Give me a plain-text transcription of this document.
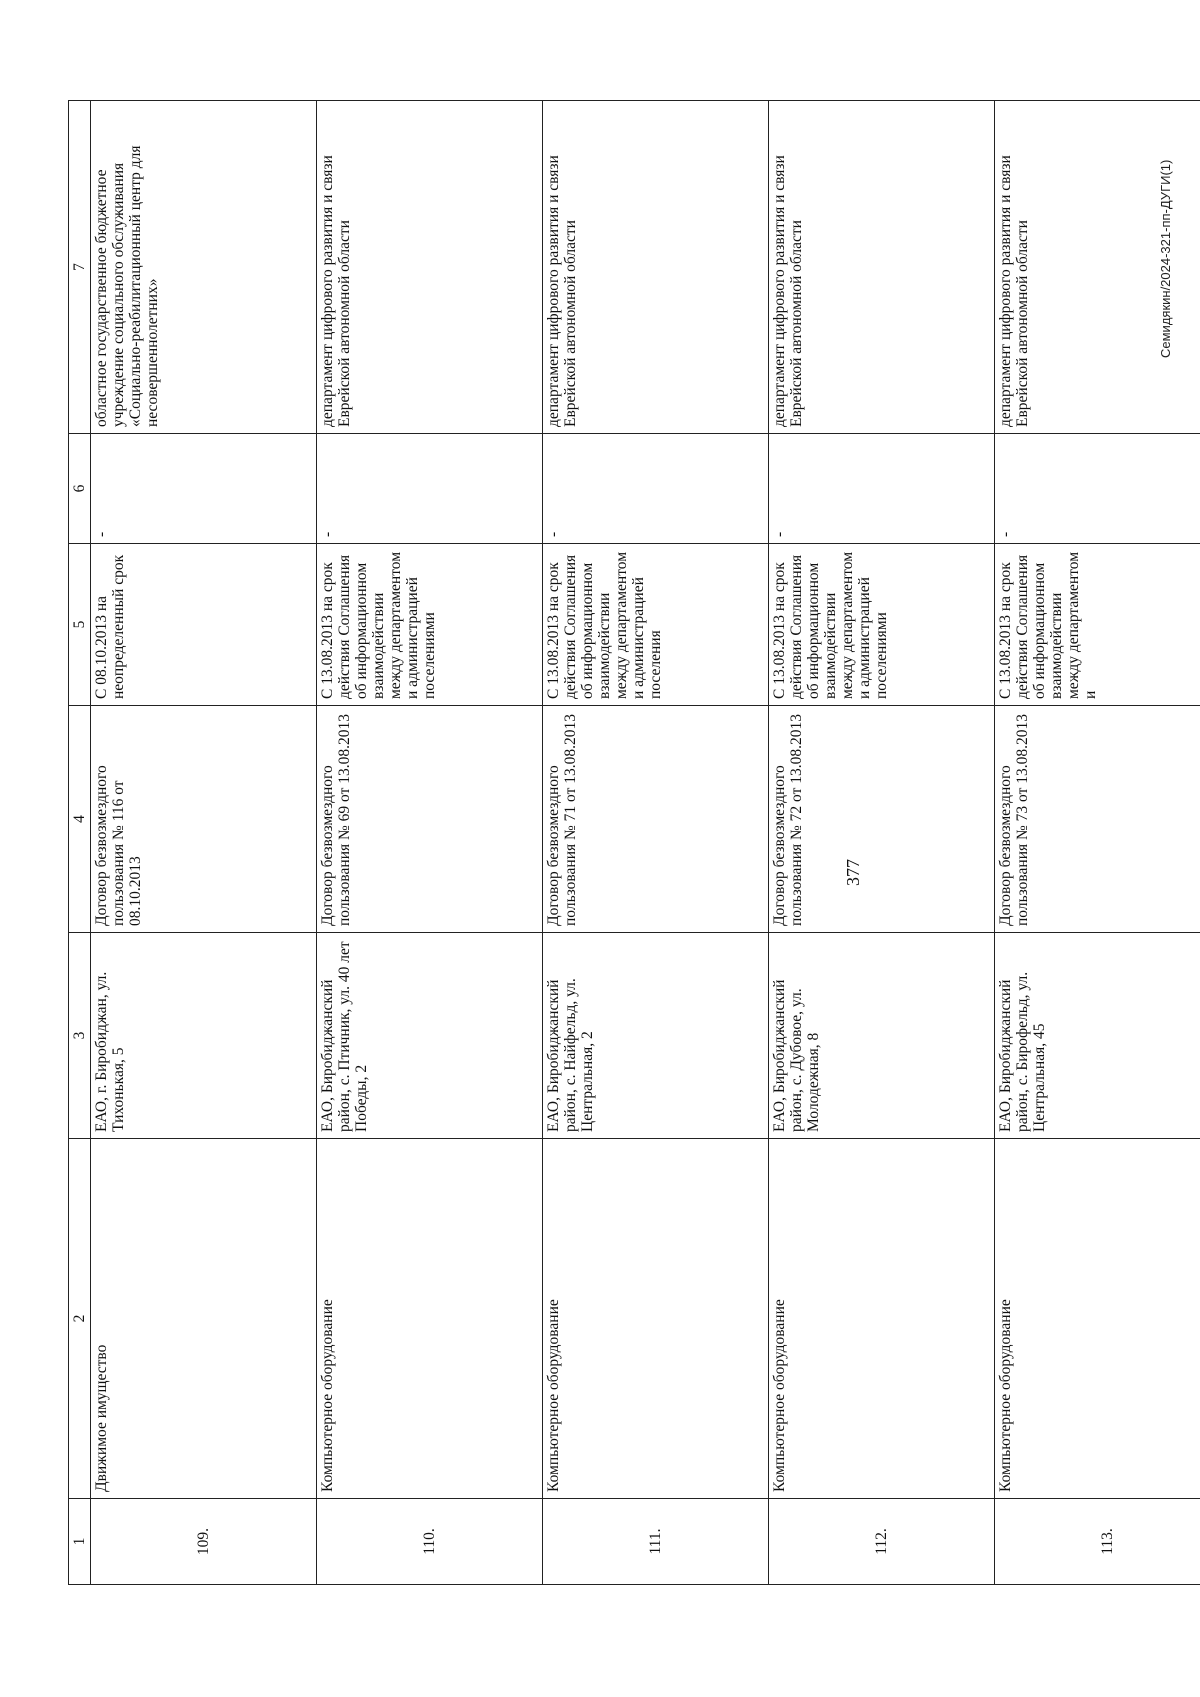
377
Семидякин/2024-321-пп-ДУГИ(1)
1	2	3	4	5	6	7
109.	Движимое имущество	ЕАО, г. Биробиджан, ул. Тихонькая, 5	Договор безвозмездного пользования № 116 от 08.10.2013	С 08.10.2013 на неопределенный срок	-	областное государственное бюджетное учреждение социального обслуживания «Социально-реабилитационный центр для несовершеннолетних»
110.	Компьютерное оборудование	ЕАО, Биробиджанский район, с. Птичник, ул. 40 лет Победы, 2	Договор безвозмездного пользования № 69 от 13.08.2013	С 13.08.2013 на срок действия Соглашения об информационном взаимодействии между департаментом и администрацией поселениями	-	департамент цифрового развития и связи Еврейской автономной области
111.	Компьютерное оборудование	ЕАО, Биробиджанский район, с. Найфельд, ул. Центральная, 2	Договор безвозмездного пользования № 71 от 13.08.2013	С 13.08.2013 на срок действия Соглашения об информационном взаимодействии между департаментом и администрацией поселения	-	департамент цифрового развития и связи Еврейской автономной области
112.	Компьютерное оборудование	ЕАО, Биробиджанский район, с. Дубовое, ул. Молодежная, 8	Договор безвозмездного пользования № 72 от 13.08.2013	С 13.08.2013 на срок действия Соглашения об информационном взаимодействии между департаментом и администрацией поселениями	-	департамент цифрового развития и связи Еврейской автономной области
113.	Компьютерное оборудование	ЕАО, Биробиджанский район, с. Бирофельд, ул. Центральная, 45	Договор безвозмездного пользования № 73 от 13.08.2013	С 13.08.2013 на срок действия Соглашения об информационном взаимодействии между департаментом и	-	департамент цифрового развития и связи Еврейской автономной области
